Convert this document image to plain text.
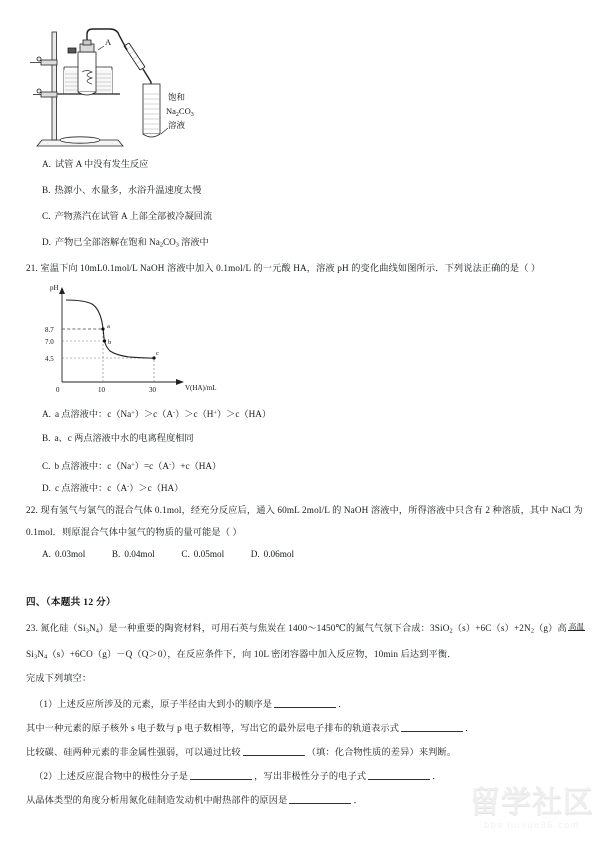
A
饱和
$Na_2CO_3$
溶液
A. 试管 A 中没有发生反应
B. 热源小、水量多，水浴升温速度太慢
C. 产物蒸汽在试管 A 上部全部被冷凝回流
D. 产物已全部溶解在饱和 $Na_2CO_3$ 溶液中
21. 室温下向 10mL0.1mol/L NaOH 溶液中加入 0.1mol/L 的一元酸 HA，溶液 pH 的变化曲线如图所示．下列说法正确的是（ ）
a
b
c
pH
8.7
7.0
4.5
0	10	30	V(HA)/mL
A. a 点溶液中：c（Na+）＞c（A-）＞c（H+）＞c（HA）
B. a、c 两点溶液中水的电离程度相同
C. b 点溶液中：c（Na+）=c（A-）+c（HA）
D. c 点溶液中：c（A-）＞c（HA）
22. 现有氢气与氯气的混合气体 0.1mol，经充分反应后，通入 60mL 2mol/L 的 NaOH 溶液中，所得溶液中只含有 2 种溶质，其中 NaCl 为
0.1mol．则原混合气体中氢气的物质的量可能是（ ）
A. 0.03mol	B. 0.04mol	C. 0.05mol	D. 0.06mol
四、（本题共 12 分）
23. 氮化硅$(Si_3N_4)$是一种重要的陶瓷材料，可用石英与焦炭在 1400～1450℃的氮气气氛下合成：$3SiO_2(s)+6C(s)+2N_2(g)$高 高温
$Si_3N_4(s)+6CO(g)-Q(Q>0)$，在反应条件下，向 10L 密闭容器中加入反应物，10min 后达到平衡．
完成下列填空：
（1）上述反应所涉及的元素，原子半径由大到小的顺序是	．
其中一种元素的原子核外 s 电子数与 p 电子数相等，写出它的最外层电子排布的轨道表示式	．
比较碳、硅两种元素的非金属性强弱，可以通过比较	（填：化合物性质的差异）来判断。
（2）上述反应混合物中的极性分子是	，写出非极性分子的电子式	．
从晶体类型的角度分析用氮化硅制造发动机中耐热部件的原因是	．	留学社区
bbs.liuxue86.com
